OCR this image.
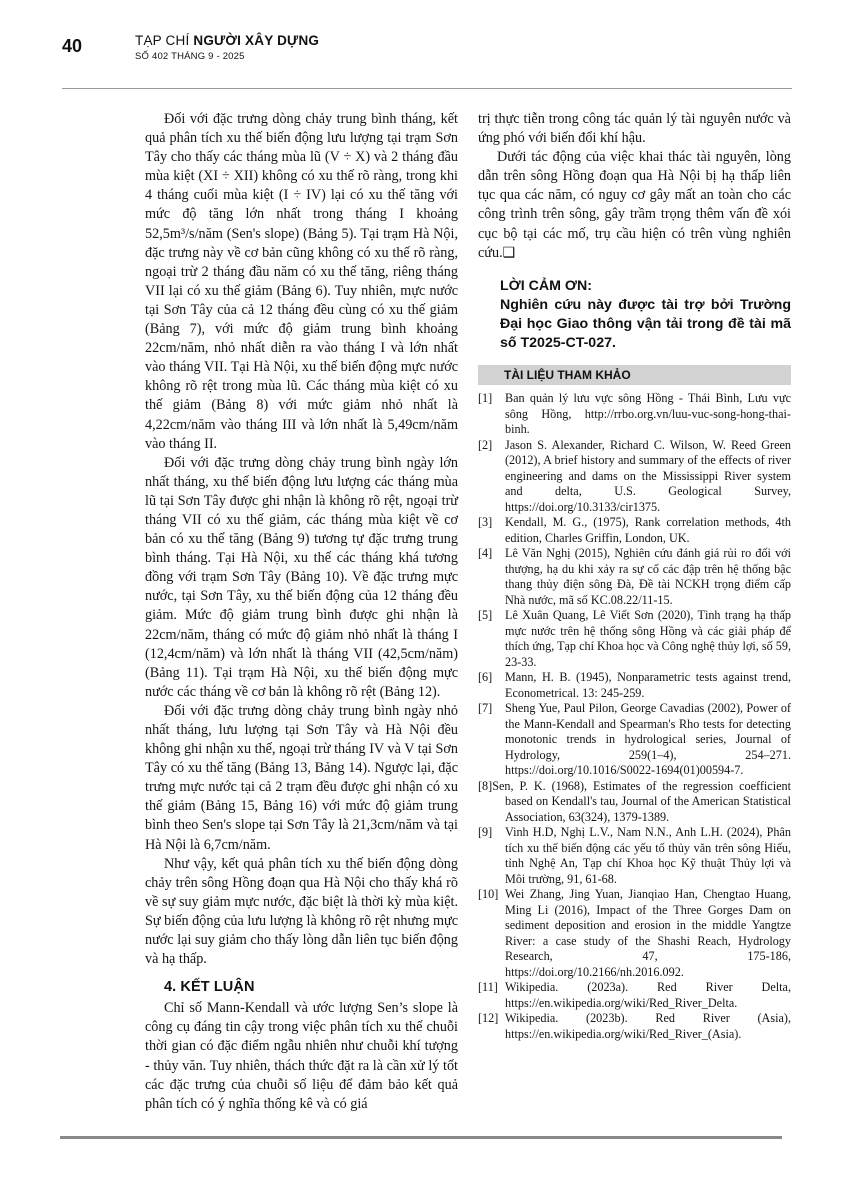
40	TẠP CHÍ NGƯỜI XÂY DỰNG
SỐ 402 THÁNG 9 - 2025

Đối với đặc trưng dòng chảy trung bình tháng, kết quả phân tích xu thế biến động lưu lượng tại trạm Sơn Tây cho thấy các tháng mùa lũ (V ÷ X) và 2 tháng đầu mùa kiệt (XI ÷ XII) không có xu thế rõ ràng, trong khi 4 tháng cuối mùa kiệt (I ÷ IV) lại có xu thế tăng với mức độ tăng lớn nhất trong tháng I khoảng 52,5m³/s/năm (Sen's slope) (Bảng 5). Tại trạm Hà Nội, đặc trưng này về cơ bản cũng không có xu thế rõ ràng, ngoại trừ 2 tháng đầu năm có xu thế tăng, riêng tháng VII lại có xu thế giảm (Bảng 6). Tuy nhiên, mực nước tại Sơn Tây của cả 12 tháng đều cùng có xu thế giảm (Bảng 7), với mức độ giảm trung bình khoảng 22cm/năm, nhỏ nhất diễn ra vào tháng I và lớn nhất vào tháng VII. Tại Hà Nội, xu thế biến động mực nước không rõ rệt trong mùa lũ. Các tháng mùa kiệt có xu thế giảm (Bảng 8) với mức giảm nhỏ nhất là 4,22cm/năm vào tháng III và lớn nhất là 5,49cm/năm vào tháng II.

Đối với đặc trưng dòng chảy trung bình ngày lớn nhất tháng, xu thế biến động lưu lượng các tháng mùa lũ tại Sơn Tây được ghi nhận là không rõ rệt, ngoại trừ tháng VII có xu thế giảm, các tháng mùa kiệt về cơ bản có xu thế tăng (Bảng 9) tương tự đặc trưng trung bình tháng. Tại Hà Nội, xu thế các tháng khá tương đồng với trạm Sơn Tây (Bảng 10). Về đặc trưng mực nước, tại Sơn Tây, xu thế biến động của 12 tháng đều giảm. Mức độ giảm trung bình được ghi nhận là 22cm/năm, tháng có mức độ giảm nhỏ nhất là tháng I (12,4cm/năm) và lớn nhất là tháng VII (42,5cm/năm) (Bảng 11). Tại trạm Hà Nội, xu thế biến động mực nước các tháng về cơ bản là không rõ rệt (Bảng 12).

Đối với đặc trưng dòng chảy trung bình ngày nhỏ nhất tháng, lưu lượng tại Sơn Tây và Hà Nội đều không ghi nhận xu thế, ngoại trừ tháng IV và V tại Sơn Tây có xu thế tăng (Bảng 13, Bảng 14). Ngược lại, đặc trưng mực nước tại cả 2 trạm đều được ghi nhận có xu thế giảm (Bảng 15, Bảng 16) với mức độ giảm trung bình theo Sen's slope tại Sơn Tây là 21,3cm/năm và tại Hà Nội là 6,7cm/năm.

Như vậy, kết quả phân tích xu thế biến động dòng chảy trên sông Hồng đoạn qua Hà Nội cho thấy khá rõ về sự suy giảm mực nước, đặc biệt là thời kỳ mùa kiệt. Sự biến động của lưu lượng là không rõ rệt nhưng mực nước lại suy giảm cho thấy lòng dẫn liên tục biến động và hạ thấp.

4. KẾT LUẬN

Chỉ số Mann-Kendall và ước lượng Sen’s slope là công cụ đáng tin cậy trong việc phân tích xu thế chuỗi thời gian có đặc điểm ngẫu nhiên như chuỗi khí tượng - thủy văn. Tuy nhiên, thách thức đặt ra là cần xử lý tốt các đặc trưng của chuỗi số liệu để đảm bảo kết quả phân tích có ý nghĩa thống kê và có giá

trị thực tiễn trong công tác quản lý tài nguyên nước và ứng phó với biến đổi khí hậu.

Dưới tác động của việc khai thác tài nguyên, lòng dẫn trên sông Hồng đoạn qua Hà Nội bị hạ thấp liên tục qua các năm, có nguy cơ gây mất an toàn cho các công trình trên sông, gây trầm trọng thêm vấn đề xói cục bộ tại các mố, trụ cầu hiện có trên vùng nghiên cứu.❑

LỜI CẢM ƠN:

Nghiên cứu này được tài trợ bởi Trường Đại học Giao thông vận tải trong đề tài mã số T2025-CT-027.

TÀI LIỆU THAM KHẢO
[1] Ban quản lý lưu vực sông Hồng - Thái Bình, Lưu vực sông Hồng, http://rrbo.org.vn/luu-vuc-song-hong-thai-binh.
[2] Jason S. Alexander, Richard C. Wilson, W. Reed Green (2012), A brief history and summary of the effects of river engineering and dams on the Mississippi River system and delta, U.S. Geological Survey, https://doi.org/10.3133/cir1375.
[3] Kendall, M. G., (1975), Rank correlation methods, 4th edition, Charles Griffin, London, UK.
[4] Lê Văn Nghị (2015), Nghiên cứu đánh giá rủi ro đối với thượng, hạ du khi xảy ra sự cố các đập trên hệ thống bậc thang thủy điện sông Đà, Đề tài NCKH trọng điểm cấp Nhà nước, mã số KC.08.22/11-15.
[5] Lê Xuân Quang, Lê Viết Sơn (2020), Tình trạng hạ thấp mực nước trên hệ thống sông Hồng và các giải pháp để thích ứng, Tạp chí Khoa học và Công nghệ thủy lợi, số 59, 23-33.
[6] Mann, H. B. (1945), Nonparametric tests against trend, Econometrical. 13: 245-259.
[7] Sheng Yue, Paul Pilon, George Cavadias (2002), Power of the Mann-Kendall and Spearman's Rho tests for detecting monotonic trends in hydrological series, Journal of Hydrology, 259(1–4), 254–271. https://doi.org/10.1016/S0022-1694(01)00594-7.
[8]Sen, P. K. (1968), Estimates of the regression coefficient based on Kendall's tau, Journal of the American Statistical Association, 63(324), 1379-1389.
[9] Vinh H.D, Nghị L.V., Nam N.N., Anh L.H. (2024), Phân tích xu thế biến động các yếu tố thủy văn trên sông Hiếu, tỉnh Nghệ An, Tạp chí Khoa học Kỹ thuật Thủy lợi và Môi trường, 91, 61-68.
[10] Wei Zhang, Jing Yuan, Jianqiao Han, Chengtao Huang, Ming Li (2016), Impact of the Three Gorges Dam on sediment deposition and erosion in the middle Yangtze River: a case study of the Shashi Reach, Hydrology Research, 47, 175-186, https://doi.org/10.2166/nh.2016.092.
[11] Wikipedia. (2023a). Red River Delta, https://en.wikipedia.org/wiki/Red_River_Delta.
[12] Wikipedia. (2023b). Red River (Asia), https://en.wikipedia.org/wiki/Red_River_(Asia).
